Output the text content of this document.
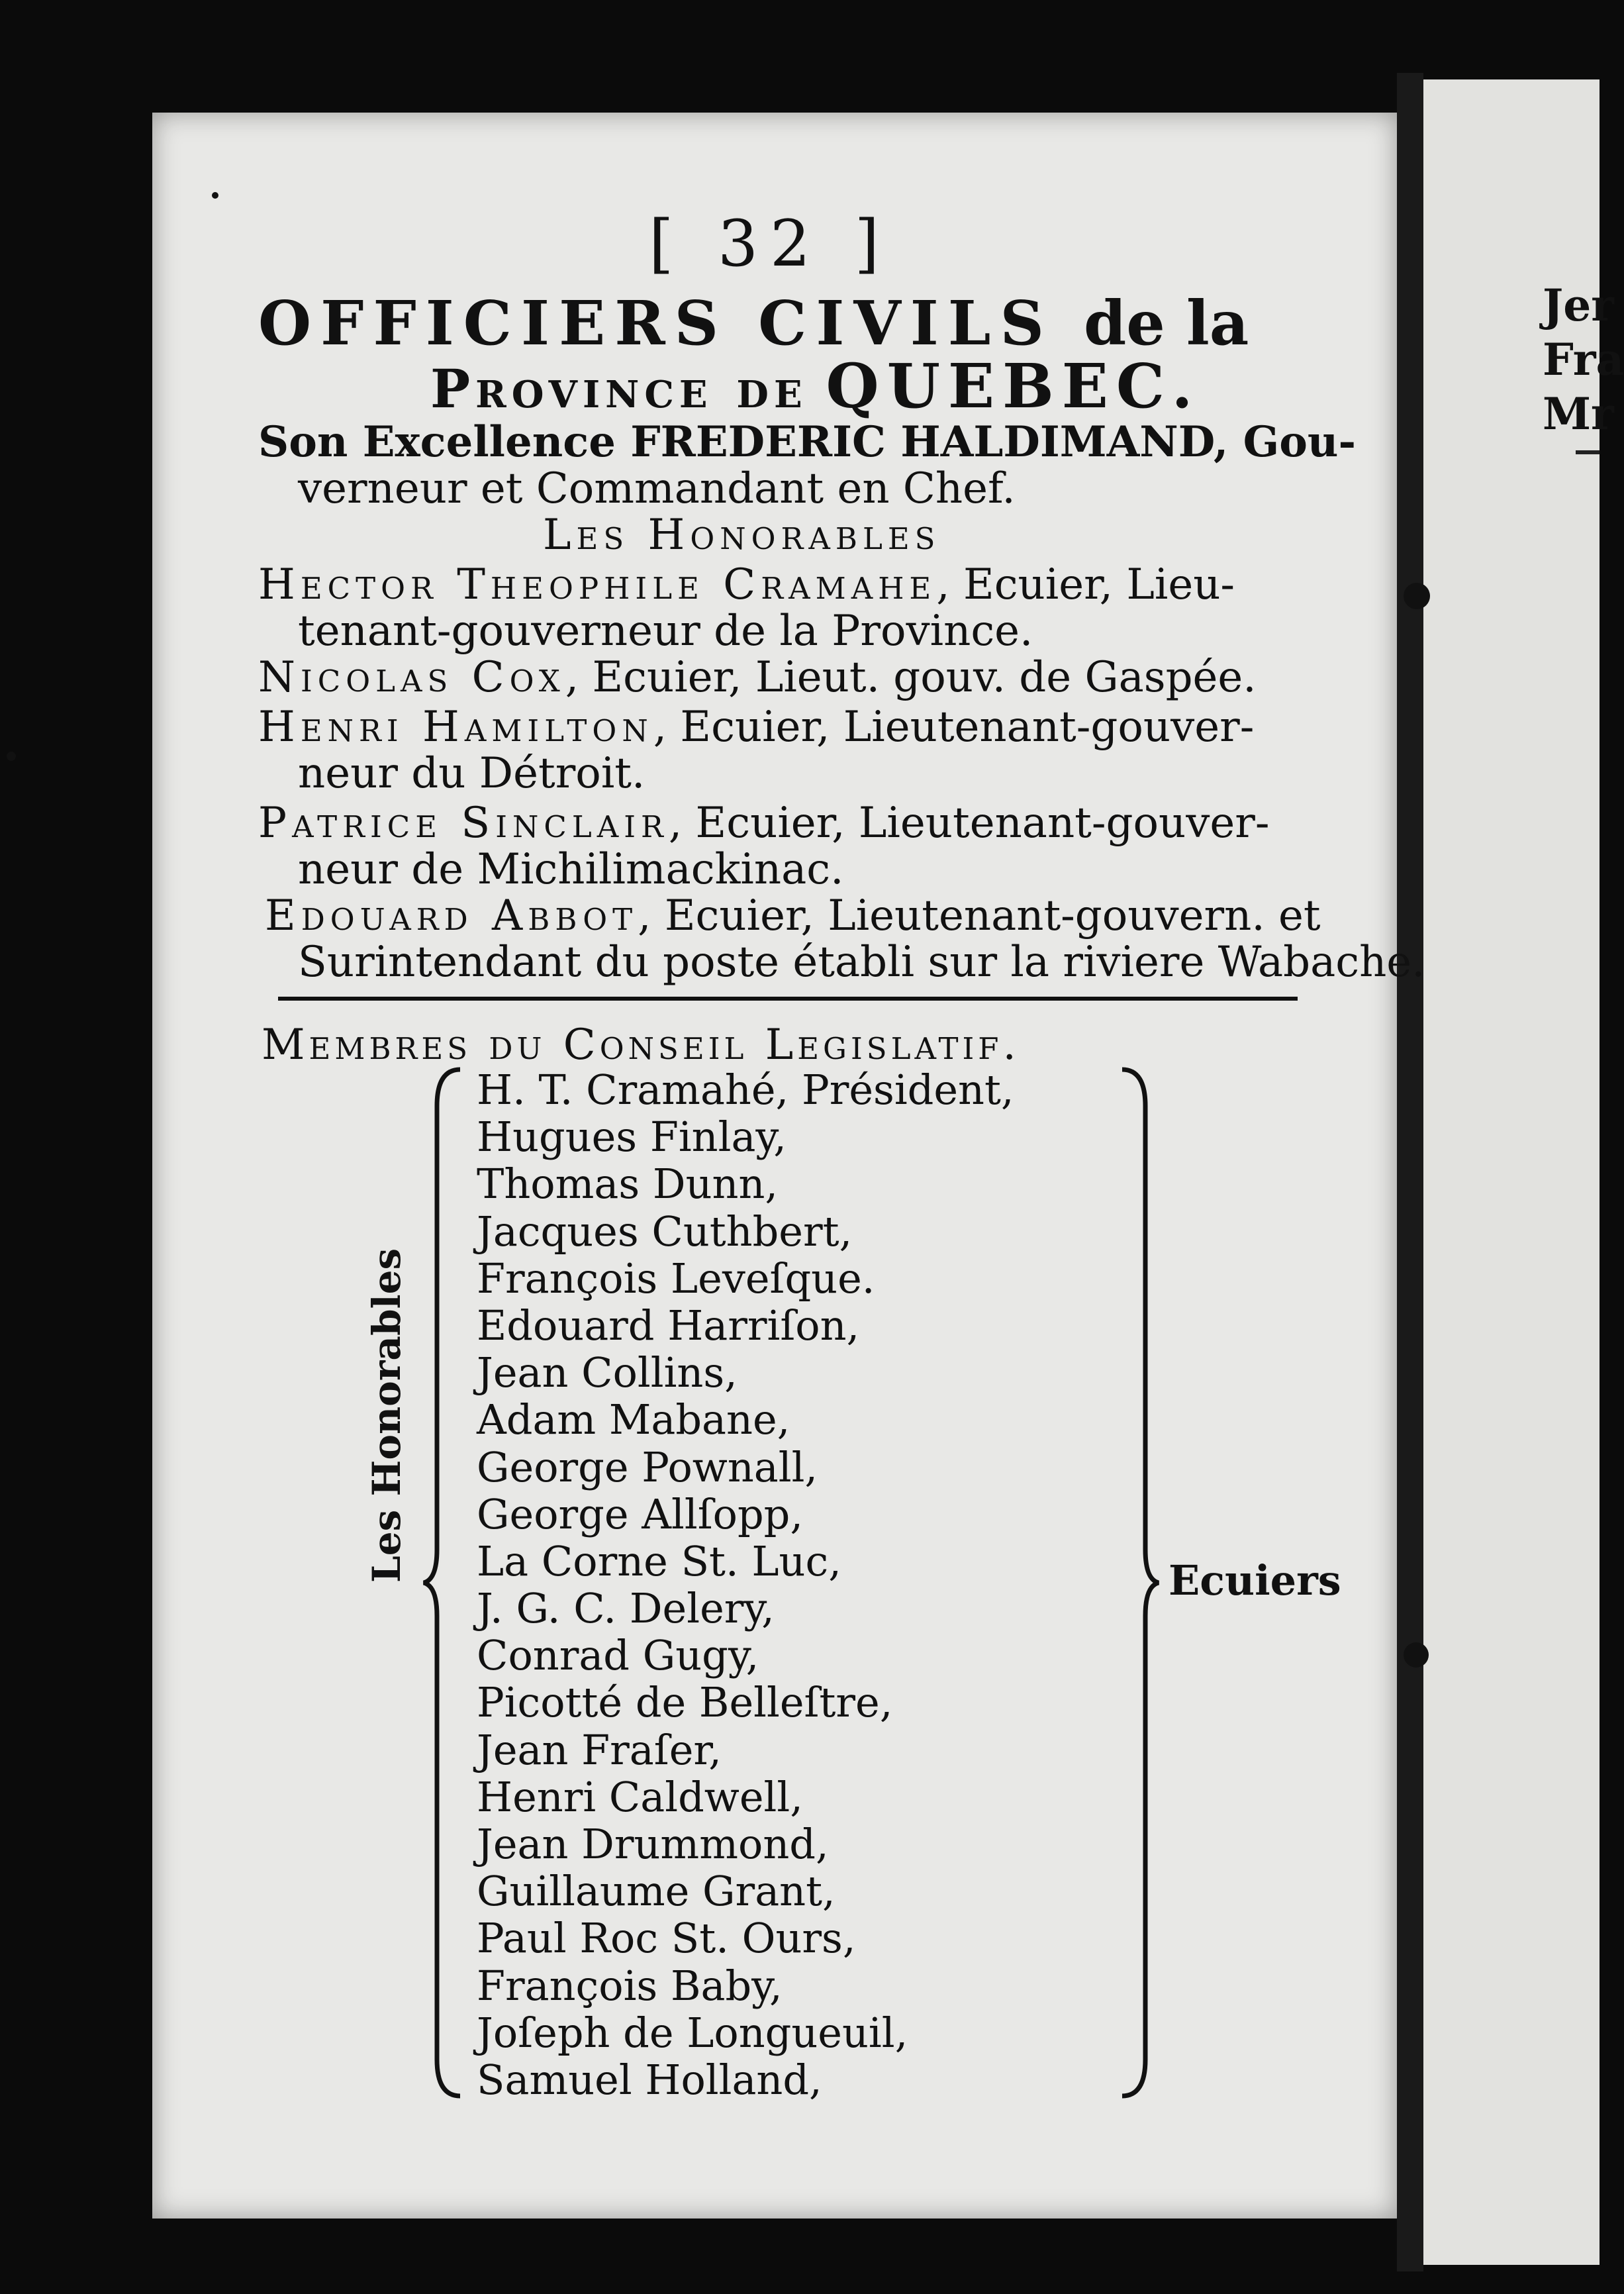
Jer
Fra
Mr
[ 32 ]
OFFICIERS CIVILS de la
Province de QUEBEC.
Son Excellence FREDERIC HALDIMAND, Gou-
verneur et Commandant en Chef.
Les Honorables
Hector Theophile Cramahe, Ecuier, Lieu-
tenant-gouverneur de la Province.
Nicolas Cox, Ecuier, Lieut. gouv. de Gaspée.
Henri Hamilton, Ecuier, Lieutenant-gouver-
neur du Détroit.
Patrice Sinclair, Ecuier, Lieutenant-gouver-
neur de Michilimackinac.
Edouard Abbot, Ecuier, Lieutenant-gouvern. et
Surintendant du poste établi sur la riviere Wabache.
Membres du Conseil Legislatif.
Les Honorables	Ecuiers
H. T. Cramahé, Président,
Hugues Finlay,
Thomas Dunn,
Jacques Cuthbert,
François Leveſque.
Edouard Harriſon,
Jean Collins,
Adam Mabane,
George Pownall,
George Allſopp,
La Corne St. Luc,
J. G. C. Delery,
Conrad Gugy,
Picotté de Belleſtre,
Jean Fraſer,
Henri Caldwell,
Jean Drummond,
Guillaume Grant,
Paul Roc St. Ours,
François Baby,
Joſeph de Longueuil,
Samuel Holland,
